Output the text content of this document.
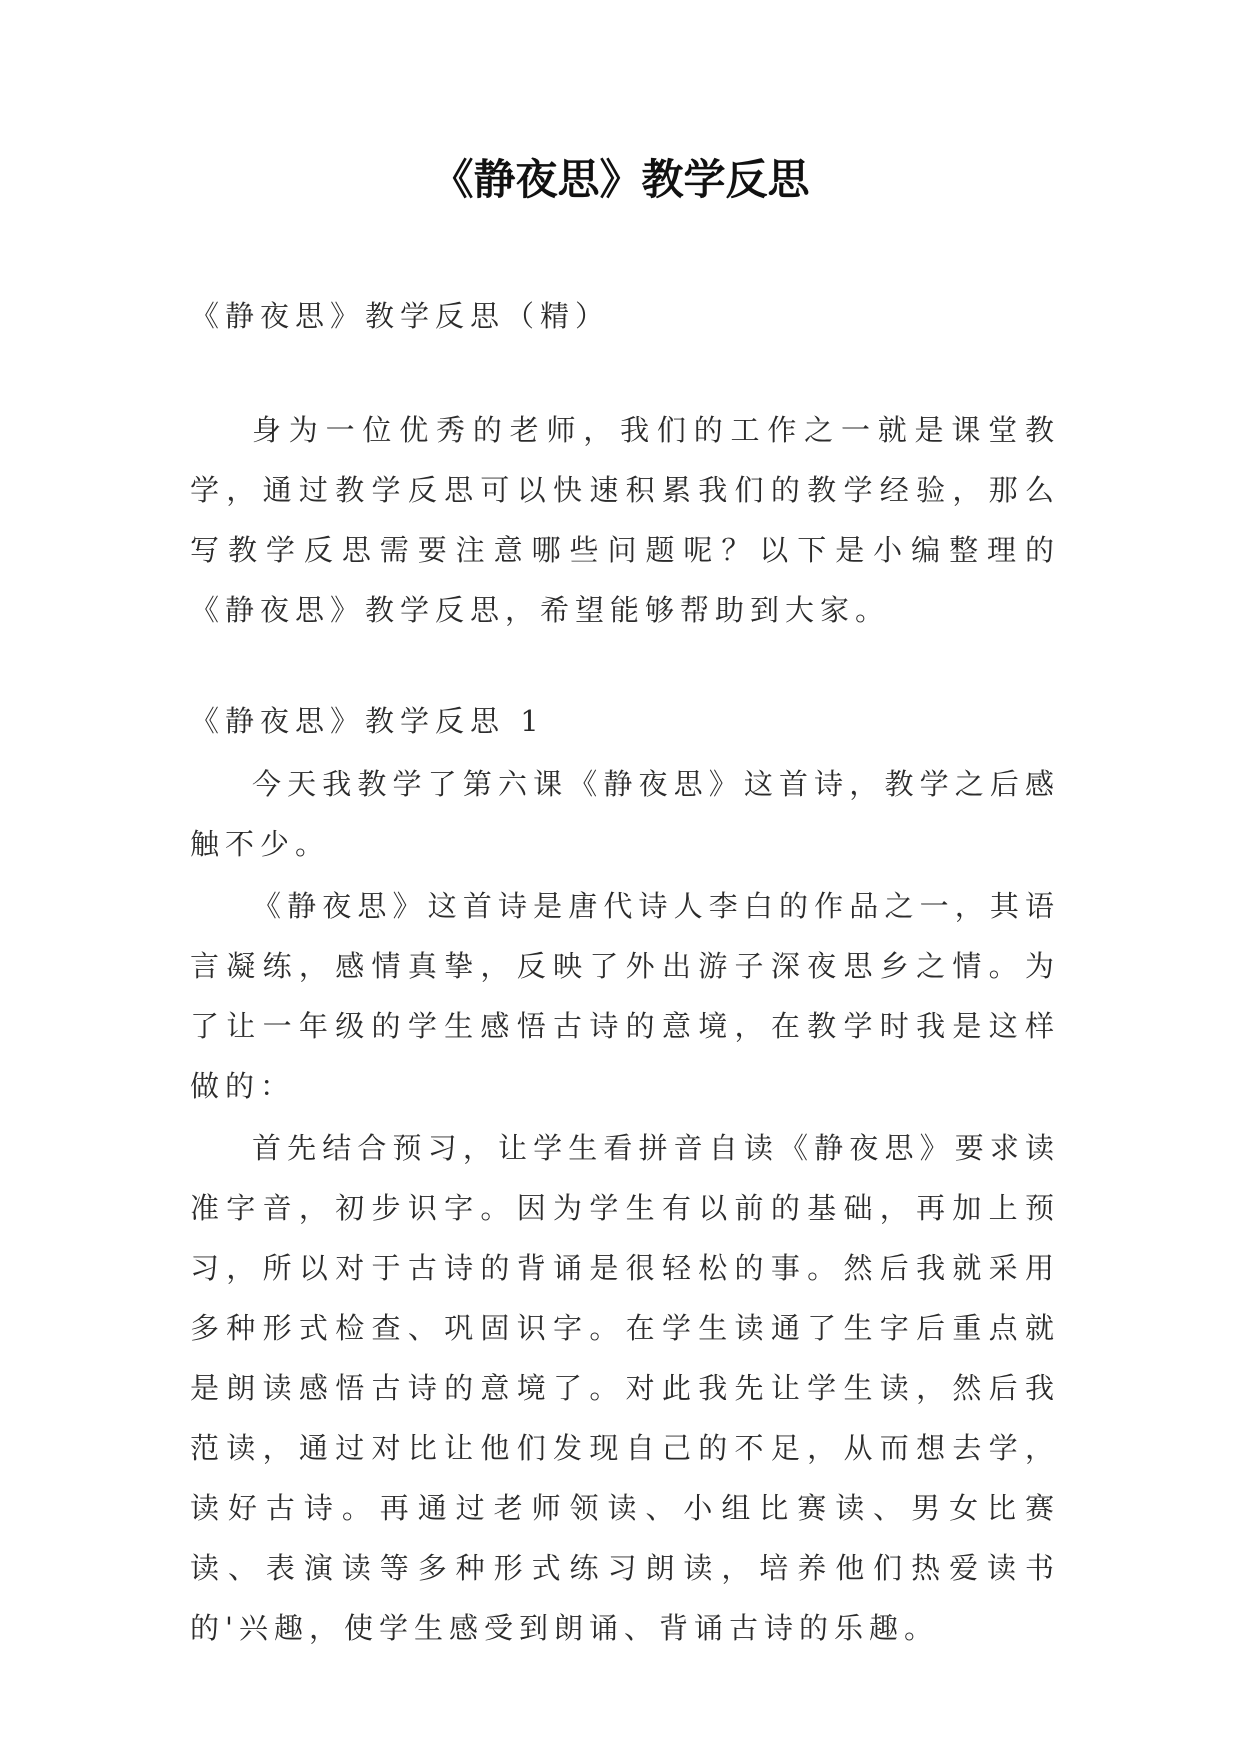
《静夜思》教学反思

《静夜思》教学反思（精）

身为一位优秀的老师，我们的工作之一就是课堂教学，通过教学反思可以快速积累我们的教学经验，那么写教学反思需要注意哪些问题呢？以下是小编整理的《静夜思》教学反思，希望能够帮助到大家。

《静夜思》教学反思 1

今天我教学了第六课《静夜思》这首诗，教学之后感触不少。

《静夜思》这首诗是唐代诗人李白的作品之一，其语言凝练，感情真挚，反映了外出游子深夜思乡之情。为了让一年级的学生感悟古诗的意境，在教学时我是这样做的：

首先结合预习，让学生看拼音自读《静夜思》要求读准字音，初步识字。因为学生有以前的基础，再加上预习，所以对于古诗的背诵是很轻松的事。然后我就采用多种形式检查、巩固识字。在学生读通了生字后重点就是朗读感悟古诗的意境了。对此我先让学生读，然后我范读，通过对比让他们发现自己的不足，从而想去学，读好古诗。再通过老师领读、小组比赛读、男女比赛读、表演读等多种形式练习朗读，培养他们热爱读书的'兴趣，使学生感受到朗诵、背诵古诗的乐趣。
